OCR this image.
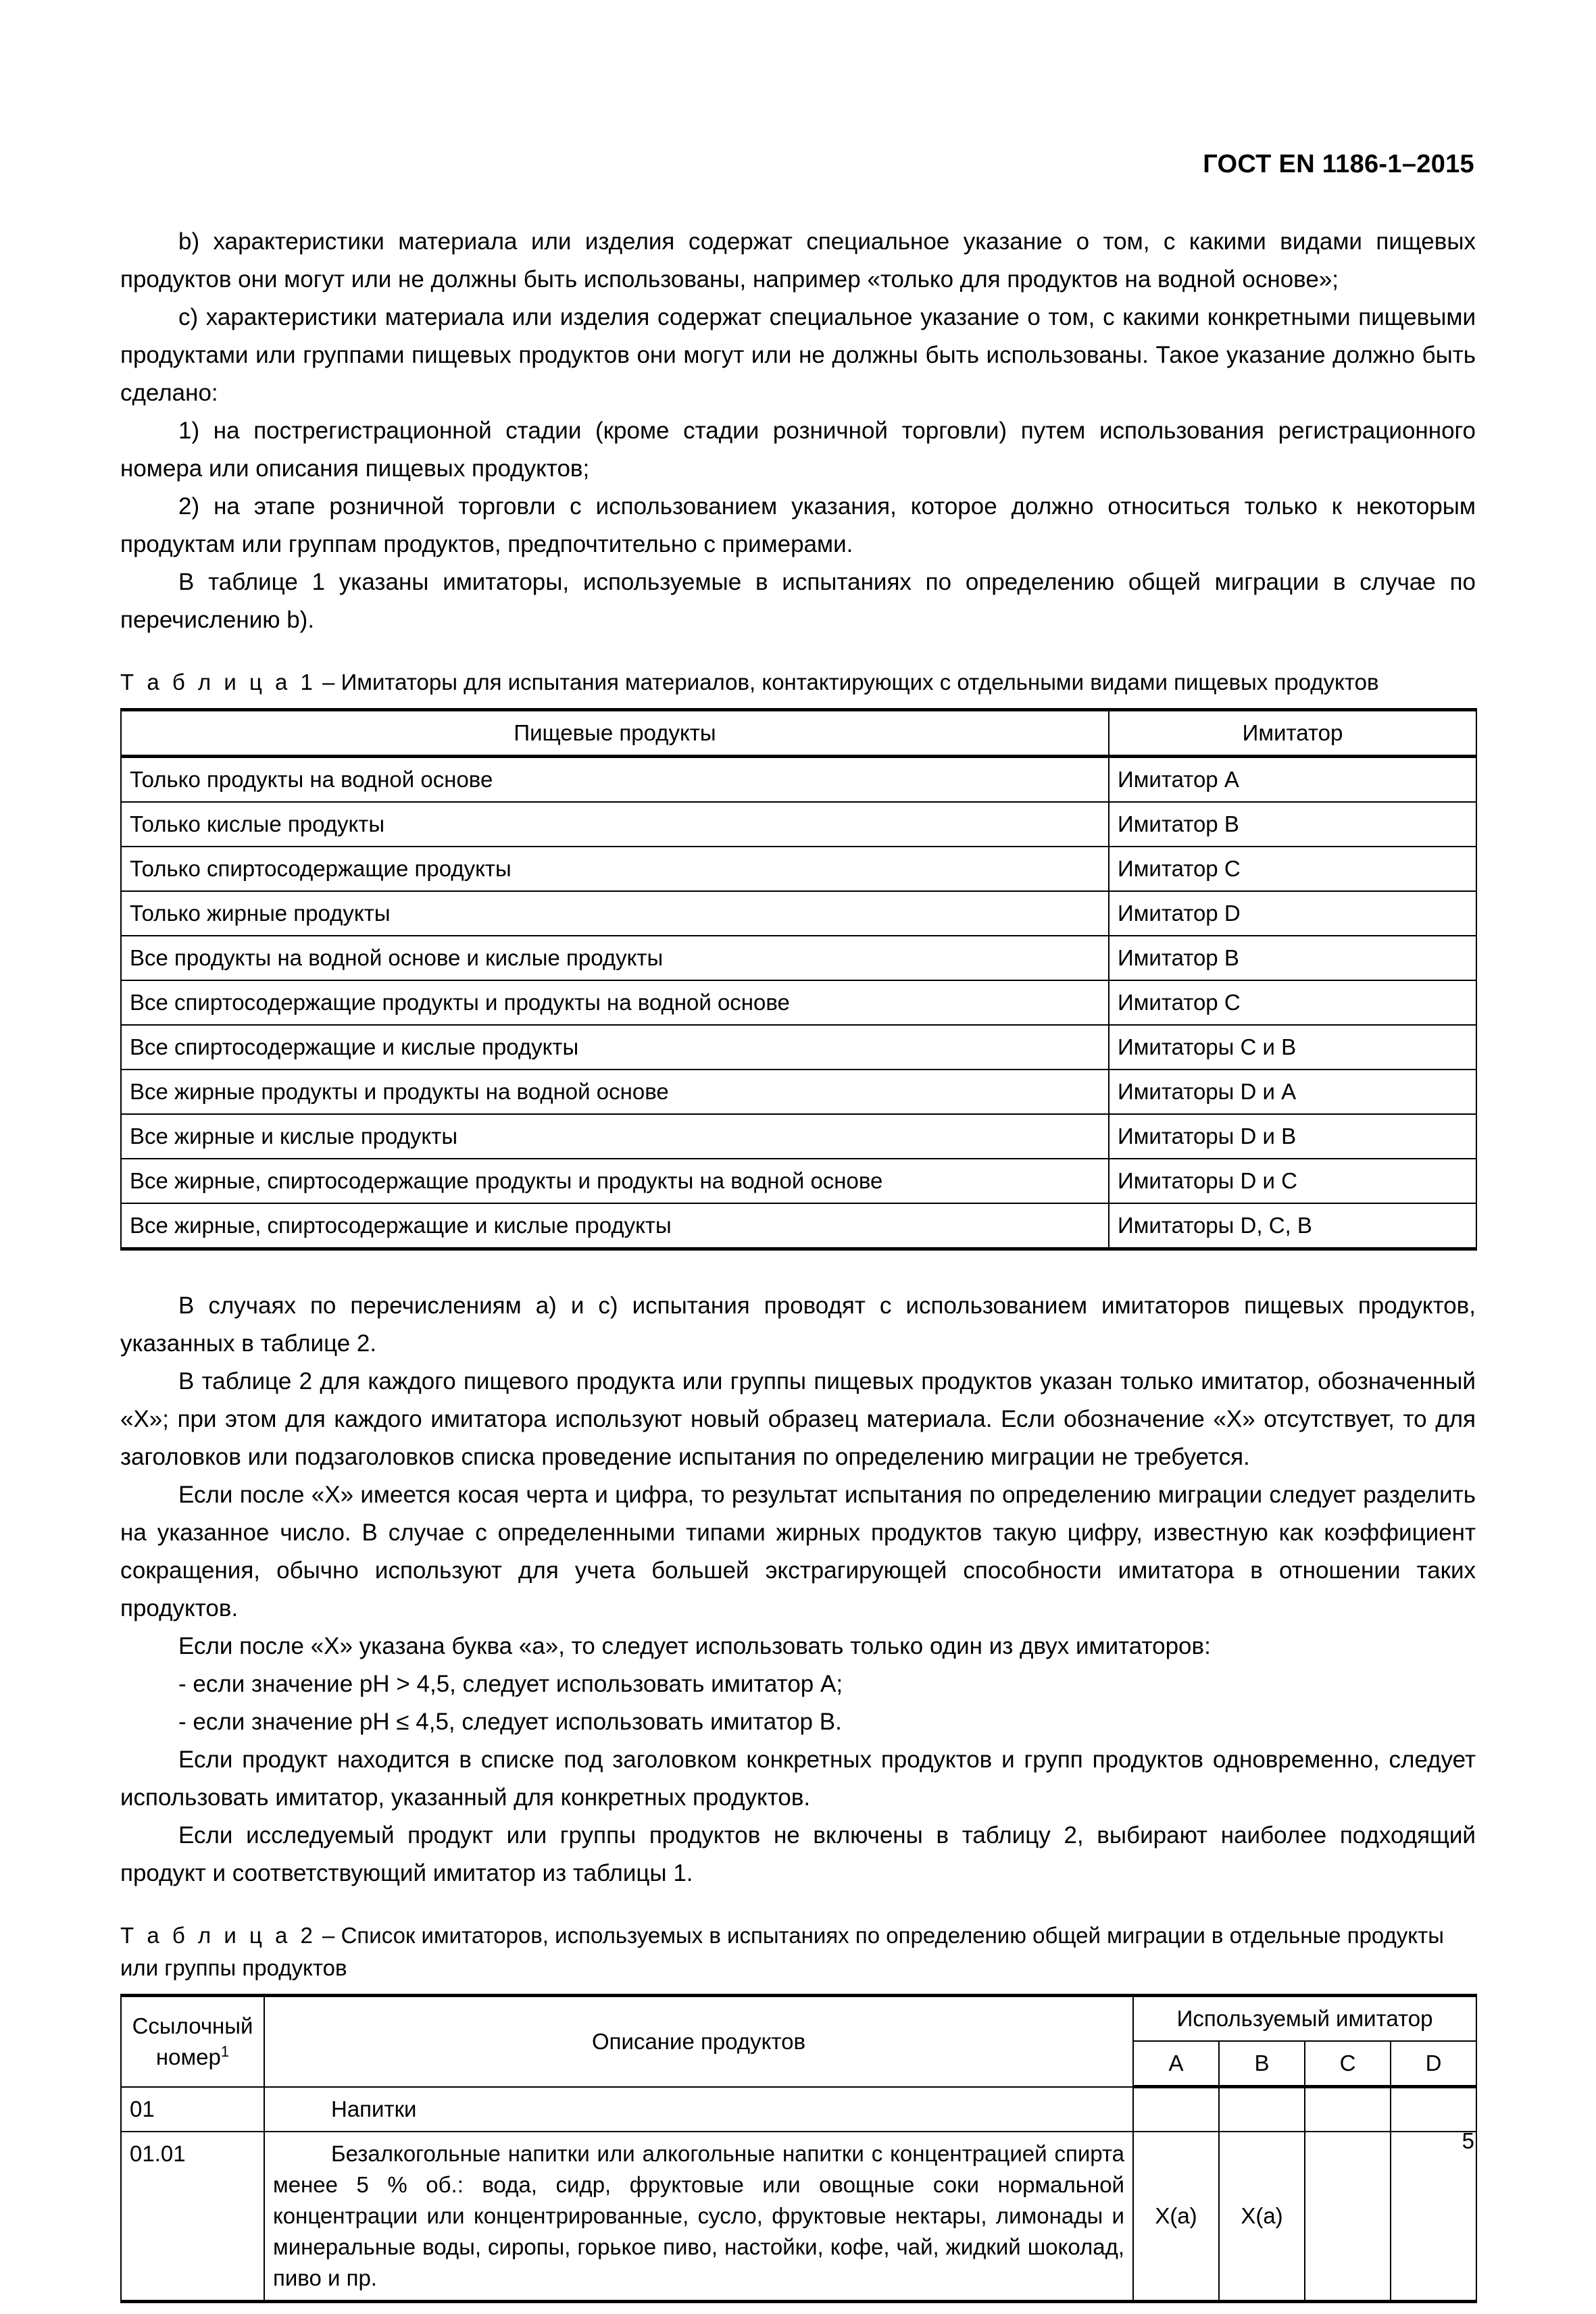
ГОСТ EN 1186-1–2015

b) характеристики материала или изделия содержат специальное указание о том, с какими видами пищевых продуктов они могут или не должны быть использованы, например «только для продуктов на водной основе»;

c) характеристики материала или изделия содержат специальное указание о том, с какими конкретными пищевыми продуктами или группами пищевых продуктов они могут или не должны быть использованы. Такое указание должно быть сделано:

1) на пострегистрационной стадии (кроме стадии розничной торговли) путем использования регистрационного номера или описания пищевых продуктов;

2) на этапе розничной торговли с использованием указания, которое должно относиться только к некоторым продуктам или группам продуктов, предпочтительно с примерами.

В таблице 1 указаны имитаторы, используемые в испытаниях по определению общей миграции в случае по перечислению b).

Т а б л и ц а 1 – Имитаторы для испытания материалов, контактирующих с отдельными видами пищевых продуктов
Пищевые продукты	Имитатор
Только продукты на водной основе	Имитатор A
Только кислые продукты	Имитатор B
Только спиртосодержащие продукты	Имитатор C
Только жирные продукты	Имитатор D
Все продукты на водной основе и кислые продукты	Имитатор B
Все спиртосодержащие продукты и продукты на водной основе	Имитатор C
Все спиртосодержащие и кислые продукты	Имитаторы C и B
Все жирные продукты и продукты на водной основе	Имитаторы D и A
Все жирные и кислые продукты	Имитаторы D и B
Все жирные, спиртосодержащие продукты и продукты на водной основе	Имитаторы D и C
Все жирные, спиртосодержащие и кислые продукты	Имитаторы D, C, B

В случаях по перечислениям a) и c) испытания проводят с использованием имитаторов пищевых продуктов, указанных в таблице 2.

В таблице 2 для каждого пищевого продукта или группы пищевых продуктов указан только имитатор, обозначенный «X»; при этом для каждого имитатора используют новый образец материала. Если обозначение «X» отсутствует, то для заголовков или подзаголовков списка проведение испытания по определению миграции не требуется.

Если после «X» имеется косая черта и цифра, то результат испытания по определению миграции следует разделить на указанное число. В случае с определенными типами жирных продуктов такую цифру, известную как коэффициент сокращения, обычно используют для учета большей экстрагирующей способности имитатора в отношении таких продуктов.

Если после «X» указана буква «a», то следует использовать только один из двух имитаторов:

- если значение pH > 4,5, следует использовать имитатор A;

- если значение pH ≤ 4,5, следует использовать имитатор B.

Если продукт находится в списке под заголовком конкретных продуктов и групп продуктов одновременно, следует использовать имитатор, указанный для конкретных продуктов.

Если исследуемый продукт или группы продуктов не включены в таблицу 2, выбирают наиболее подходящий продукт и соответствующий имитатор из таблицы 1.

Т а б л и ц а 2 – Список имитаторов, используемых в испытаниях по определению общей миграции в отдельные продукты или группы продуктов
Ссылочный
номер$^1$	Описание продуктов	Используемый имитатор			
		A	B	C	D
01	Напитки				
01.01	Безалкогольные напитки или алкогольные напитки с концентрацией спирта менее 5 % об.: вода, сидр, фруктовые или овощные соки нормальной концентрации или концентрированные, сусло, фруктовые нектары, лимонады и минеральные воды, сиропы, горькое пиво, настойки, кофе, чай, жидкий шоколад, пиво и пр.	X(a)	X(a)		
5
